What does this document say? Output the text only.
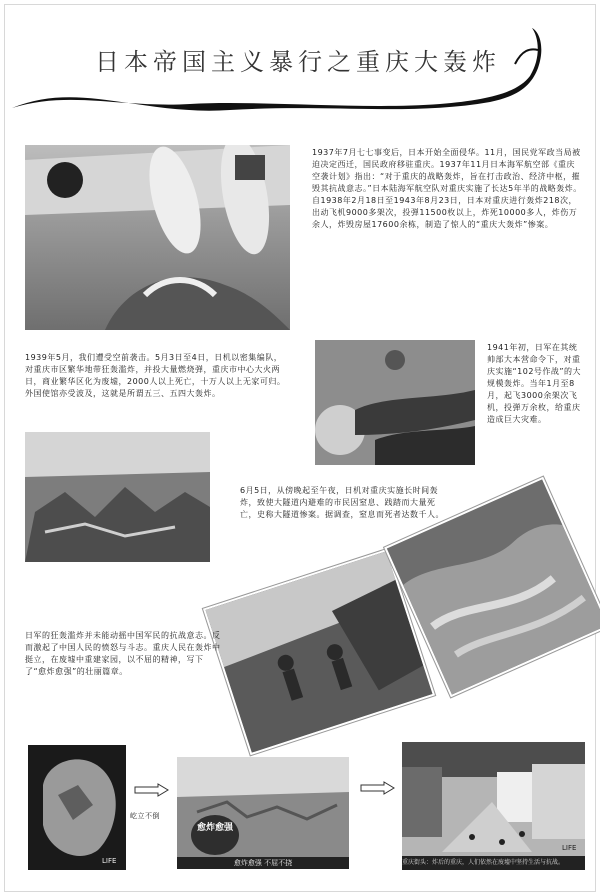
日本帝国主义暴行之重庆大轰炸
1937年7月七七事变后，日本开始全面侵华。11月，国民党军政当局被迫决定西迁，国民政府移驻重庆。1937年11月日本海军航空部《重庆空袭计划》指出：“对于重庆的战略轰炸，旨在打击政治、经济中枢，摧毁其抗战意志。”日本陆海军航空队对重庆实施了长达5年半的战略轰炸。自1938年2月18日至1943年8月23日，日本对重庆进行轰炸218次，出动飞机9000多架次，投弹11500枚以上，炸死10000多人，炸伤万余人，炸毁房屋17600余栋，制造了惊人的“重庆大轰炸”惨案。
1939年5月，我们遭受空前袭击。5月3日至4日，日机以密集编队，对重庆市区繁华地带狂轰滥炸，并投大量燃烧弹，重庆市中心大火两日，商业繁华区化为废墟，2000人以上死亡，十万人以上无家可归。外国使馆亦受波及，这就是所谓五三、五四大轰炸。
1941年初，日军在其统帅部大本营命令下，对重庆实施“102号作战”的大规模轰炸。当年1月至8月，起飞3000余架次飞机，投弹万余枚，给重庆造成巨大灾难。
6月5日，从傍晚起至午夜，日机对重庆实施长时间轰炸，致使大隧道内避难的市民因窒息、践踏而大量死亡，史称大隧道惨案。据调查，窒息而死者达数千人。
日军的狂轰滥炸并未能动摇中国军民的抗战意志。反而激起了中国人民的愤怒与斗志。重庆人民在轰炸中挺立，在废墟中重建家园，以不屈的精神，写下了“愈炸愈强”的壮丽篇章。
LIFE
屹立不倒
愈炸愈强
愈炸愈强 不屈不挠
LIFE
重庆街头：炸后的重庆，人们依然在废墟中坚持生活与抗战。
